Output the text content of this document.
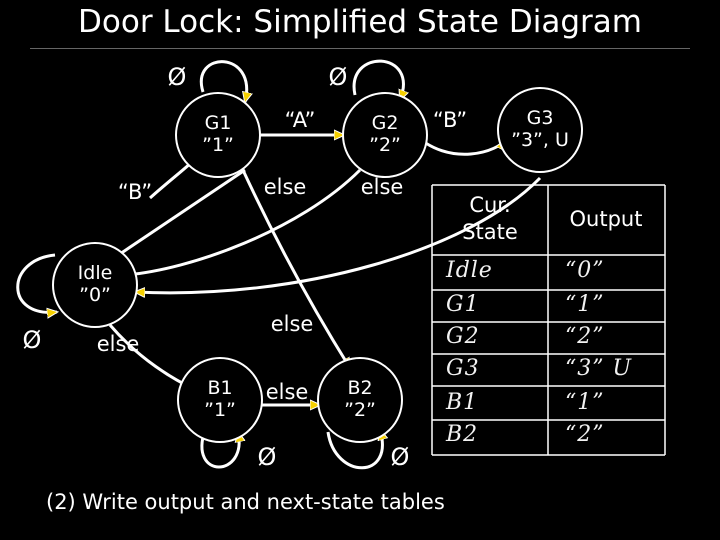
Door Lock: Simplified State Diagram
G1
”1”
G2
”2”
G3
”3”, U
Idle
”0”
B1
”1”
B2
”2”
“A”	“B”
“B”	else	else
else
else
else
Ø	Ø
Ø
Ø	Ø
Cur.
State
Output
Idle	“0”
G1	“1”
G2	“2”
G3	“3” U
B1	“1”
B2	“2”
(2) Write output and next-state tables
